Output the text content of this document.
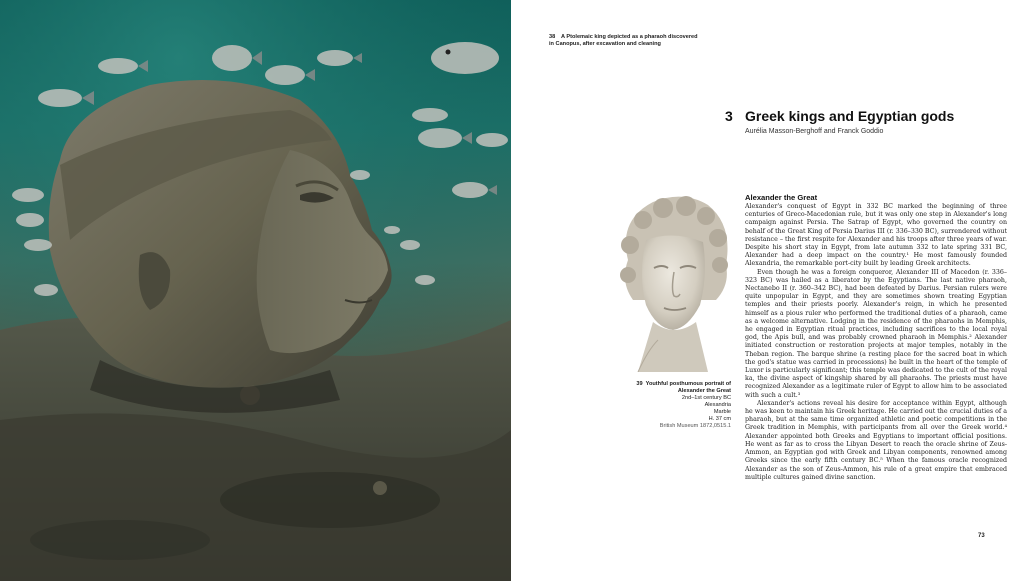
38 A Ptolemaic king depicted as a pharaoh discovered in Canopus, after excavation and cleaning
3 Greek kings and Egyptian gods
Aurélia Masson-Berghoff and Franck Goddio
39 Youthful posthumous portrait of Alexander the Great
2nd–1st century BC
Alexandria
Marble
H. 37 cm
British Museum 1872,0515.1
Alexander the Great

Alexander's conquest of Egypt in 332 BC marked the beginning of three centuries of Greco-Macedonian rule, but it was only one step in Alexander's long campaign against Persia. The Satrap of Egypt, who governed the country on behalf of the Great King of Persia Darius III (r. 336–330 BC), surrendered without resistance – the first respite for Alexander and his troops after three years of war. Despite his short stay in Egypt, from late autumn 332 to late spring 331 BC, Alexander had a deep impact on the country.¹ He most famously founded Alexandria, the remarkable port-city built by leading Greek architects.

Even though he was a foreign conqueror, Alexander III of Macedon (r. 336–323 BC) was hailed as a liberator by the Egyptians. The last native pharaoh, Nectanebo II (r. 360–342 BC), had been defeated by Darius. Persian rulers were quite unpopular in Egypt, and they are sometimes shown treating Egyptian temples and their priests poorly. Alexander's reign, in which he presented himself as a pious ruler who performed the traditional duties of a pharaoh, came as a welcome alternative. Lodging in the residence of the pharaohs in Memphis, he engaged in Egyptian ritual practices, including sacrifices to the local royal god, the Apis bull, and was probably crowned pharaoh in Memphis.² Alexander initiated construction or restoration projects at major temples, notably in the Theban region. The barque shrine (a resting place for the sacred boat in which the god's statue was carried in processions) he built in the heart of the temple of Luxor is particularly significant; this temple was dedicated to the cult of the royal ka, the divine aspect of kingship shared by all pharaohs. The priests must have recognized Alexander as a legitimate ruler of Egypt to allow him to be associated with such a cult.³

Alexander's actions reveal his desire for acceptance within Egypt, although he was keen to maintain his Greek heritage. He carried out the crucial duties of a pharaoh, but at the same time organized athletic and poetic competitions in the Greek tradition in Memphis, with participants from all over the Greek world.⁴ Alexander appointed both Greeks and Egyptians to important official positions. He went as far as to cross the Libyan Desert to reach the oracle shrine of Zeus-Ammon, an Egyptian god with Greek and Libyan components, renowned among Greeks since the early fifth century BC.⁵ When the famous oracle recognized Alexander as the son of Zeus-Ammon, his rule of a great empire that embraced multiple cultures gained divine sanction.

73
